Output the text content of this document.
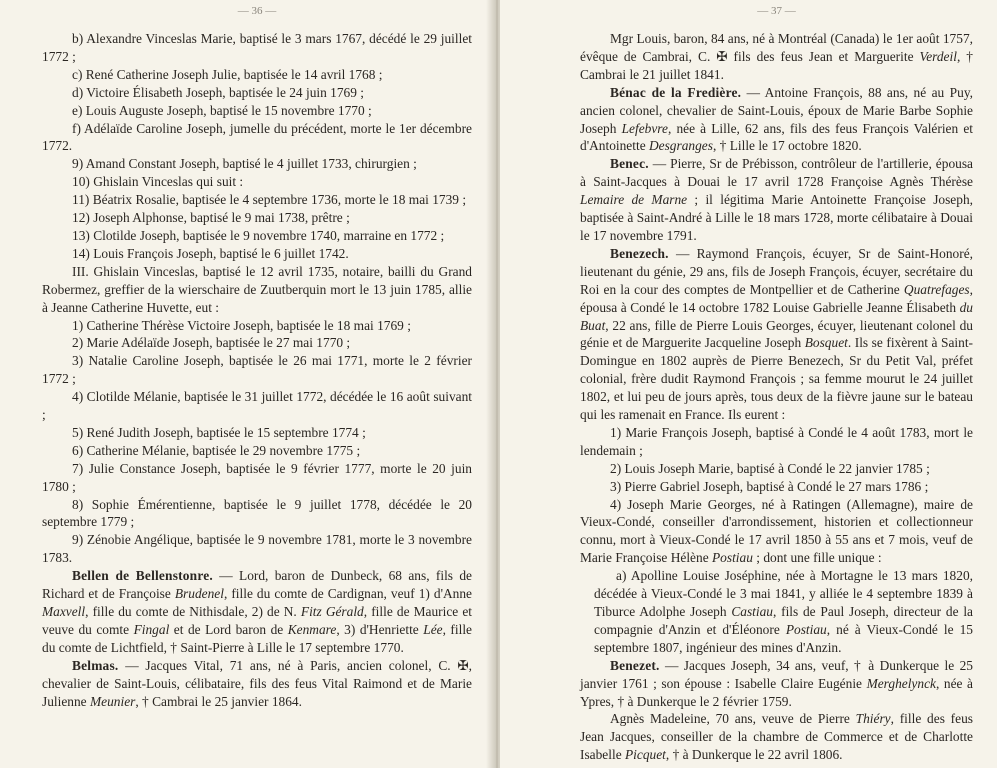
— 36 —

b) Alexandre Vinceslas Marie, baptisé le 3 mars 1767, décédé le 29 juillet 1772 ;

c) René Catherine Joseph Julie, baptisée le 14 avril 1768 ;

d) Victoire Élisabeth Joseph, baptisée le 24 juin 1769 ;

e) Louis Auguste Joseph, baptisé le 15 novembre 1770 ;

f) Adélaïde Caroline Joseph, jumelle du précédent, morte le 1er décembre 1772.

9) Amand Constant Joseph, baptisé le 4 juillet 1733, chirurgien ;

10) Ghislain Vinceslas qui suit :

11) Béatrix Rosalie, baptisée le 4 septembre 1736, morte le 18 mai 1739 ;

12) Joseph Alphonse, baptisé le 9 mai 1738, prêtre ;

13) Clotilde Joseph, baptisée le 9 novembre 1740, marraine en 1772 ;

14) Louis François Joseph, baptisé le 6 juillet 1742.

III. Ghislain Vinceslas, baptisé le 12 avril 1735, notaire, bailli du Grand Robermez, greffier de la wierschaire de Zuutberquin mort le 13 juin 1785, allie à Jeanne Catherine Huvette, eut :

1) Catherine Thérèse Victoire Joseph, baptisée le 18 mai 1769 ;

2) Marie Adélaïde Joseph, baptisée le 27 mai 1770 ;

3) Natalie Caroline Joseph, baptisée le 26 mai 1771, morte le 2 février 1772 ;

4) Clotilde Mélanie, baptisée le 31 juillet 1772, décédée le 16 août suivant ;

5) René Judith Joseph, baptisée le 15 septembre 1774 ;

6) Catherine Mélanie, baptisée le 29 novembre 1775 ;

7) Julie Constance Joseph, baptisée le 9 février 1777, morte le 20 juin 1780 ;

8) Sophie Émérentienne, baptisée le 9 juillet 1778, décédée le 20 septembre 1779 ;

9) Zénobie Angélique, baptisée le 9 novembre 1781, morte le 3 novembre 1783.

Bellen de Bellenstonre. — Lord, baron de Dunbeck, 68 ans, fils de Richard et de Françoise Brudenel, fille du comte de Cardignan, veuf 1) d'Anne Maxvell, fille du comte de Nithisdale, 2) de N. Fitz Gérald, fille de Maurice et veuve du comte Fingal et de Lord baron de Kenmare, 3) d'Henriette Lée, fille du comte de Lichtfield, † Saint-Pierre à Lille le 17 septembre 1770.

Belmas. — Jacques Vital, 71 ans, né à Paris, ancien colonel, C. ✠, chevalier de Saint-Louis, célibataire, fils des feus Vital Raimond et de Marie Julienne Meunier, † Cambrai le 25 janvier 1864.

— 37 —

Mgr Louis, baron, 84 ans, né à Montréal (Canada) le 1er août 1757, évêque de Cambrai, C. ✠ fils des feus Jean et Marguerite Verdeil, † Cambrai le 21 juillet 1841.

Bénac de la Fredière. — Antoine François, 88 ans, né au Puy, ancien colonel, chevalier de Saint-Louis, époux de Marie Barbe Sophie Joseph Lefebvre, née à Lille, 62 ans, fils des feus François Valérien et d'Antoinette Desgranges, † Lille le 17 octobre 1820.

Benec. — Pierre, Sr de Prébisson, contrôleur de l'artillerie, épousa à Saint-Jacques à Douai le 17 avril 1728 Françoise Agnès Thérèse Lemaire de Marne ; il légitima Marie Antoinette Françoise Joseph, baptisée à Saint-André à Lille le 18 mars 1728, morte célibataire à Douai le 17 novembre 1791.

Benezech. — Raymond François, écuyer, Sr de Saint-Honoré, lieutenant du génie, 29 ans, fils de Joseph François, écuyer, secrétaire du Roi en la cour des comptes de Montpellier et de Catherine Quatrefages, épousa à Condé le 14 octobre 1782 Louise Gabrielle Jeanne Élisabeth du Buat, 22 ans, fille de Pierre Louis Georges, écuyer, lieutenant colonel du génie et de Marguerite Jacqueline Joseph Bosquet. Ils se fixèrent à Saint-Domingue en 1802 auprès de Pierre Benezech, Sr du Petit Val, préfet colonial, frère dudit Raymond François ; sa femme mourut le 24 juillet 1802, et lui peu de jours après, tous deux de la fièvre jaune sur le bateau qui les ramenait en France. Ils eurent :

1) Marie François Joseph, baptisé à Condé le 4 août 1783, mort le lendemain ;

2) Louis Joseph Marie, baptisé à Condé le 22 janvier 1785 ;

3) Pierre Gabriel Joseph, baptisé à Condé le 27 mars 1786 ;

4) Joseph Marie Georges, né à Ratingen (Allemagne), maire de Vieux-Condé, conseiller d'arrondissement, historien et collectionneur connu, mort à Vieux-Condé le 17 avril 1850 à 55 ans et 7 mois, veuf de Marie Françoise Hélène Postiau ; dont une fille unique :

a) Apolline Louise Joséphine, née à Mortagne le 13 mars 1820, décédée à Vieux-Condé le 3 mai 1841, y alliée le 4 septembre 1839 à Tiburce Adolphe Joseph Castiau, fils de Paul Joseph, directeur de la compagnie d'Anzin et d'Éléonore Postiau, né à Vieux-Condé le 15 septembre 1807, ingénieur des mines d'Anzin.

Benezet. — Jacques Joseph, 34 ans, veuf, † à Dunkerque le 25 janvier 1761 ; son épouse : Isabelle Claire Eugénie Merghelynck, née à Ypres, † à Dunkerque le 2 février 1759.

Agnès Madeleine, 70 ans, veuve de Pierre Thiéry, fille des feus Jean Jacques, conseiller de la chambre de Commerce et de Charlotte Isabelle Picquet, † à Dunkerque le 22 avril 1806.
